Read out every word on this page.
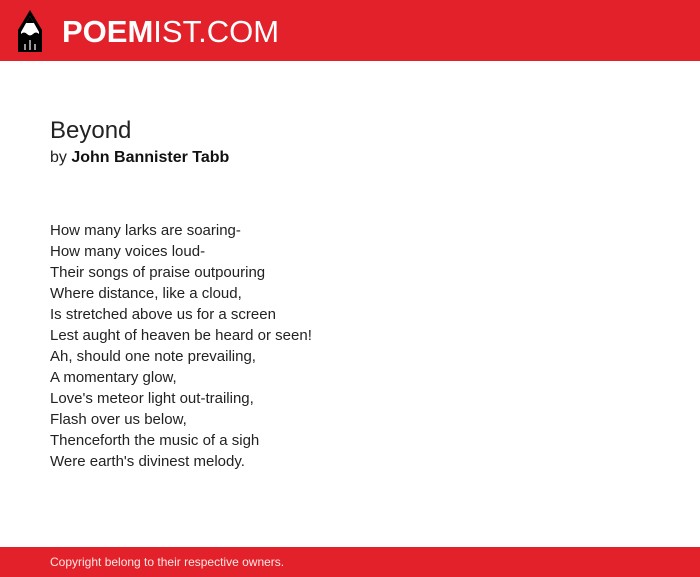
POEMIST.COM
Beyond
by John Bannister Tabb
How many larks are soaring-
How many voices loud-
Their songs of praise outpouring
Where distance, like a cloud,
Is stretched above us for a screen
Lest aught of heaven be heard or seen!
Ah, should one note prevailing,
A momentary glow,
Love's meteor light out-trailing,
Flash over us below,
Thenceforth the music of a sigh
Were earth's divinest melody.
Copyright belong to their respective owners.
